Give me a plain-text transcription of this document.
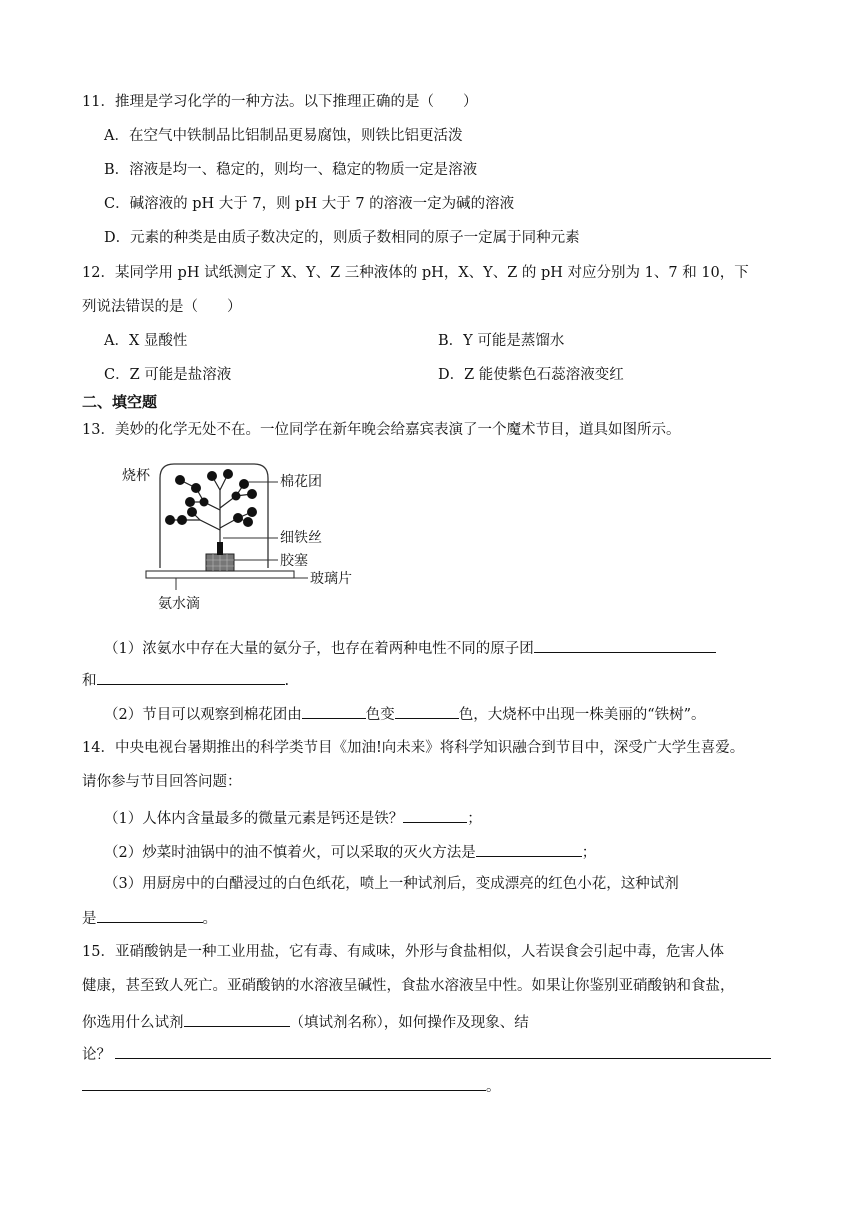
11．推理是学习化学的一种方法。以下推理正确的是（　　）
A．在空气中铁制品比铝制品更易腐蚀，则铁比铝更活泼
B．溶液是均一、稳定的，则均一、稳定的物质一定是溶液
C．碱溶液的 pH 大于 7，则 pH 大于 7 的溶液一定为碱的溶液
D．元素的种类是由质子数决定的，则质子数相同的原子一定属于同种元素
12．某同学用 pH 试纸测定了 X、Y、Z 三种液体的 pH，X、Y、Z 的 pH 对应分别为 1、7 和 10，下
列说法错误的是（　　）
A．X 显酸性	B．Y 可能是蒸馏水
C．Z 可能是盐溶液	D．Z 能使紫色石蕊溶液变红
二、填空题
13．美妙的化学无处不在。一位同学在新年晚会给嘉宾表演了一个魔术节目，道具如图所示。
烧杯	棉花团
细铁丝
胶塞
玻璃片
氨水滴
（1）浓氨水中存在大量的氨分子，也存在着两种电性不同的原子团
和	.
（2）节目可以观察到棉花团由	色变	色，大烧杯中出现一株美丽的“铁树”。
14．中央电视台暑期推出的科学类节目《加油!向未来》将科学知识融合到节目中，深受广大学生喜爱。
请你参与节目回答问题：
（1）人体内含量最多的微量元素是钙还是铁？	；
（2）炒菜时油锅中的油不慎着火，可以采取的灭火方法是	；
（3）用厨房中的白醋浸过的白色纸花，喷上一种试剂后，变成漂亮的红色小花，这种试剂
是	。
15．亚硝酸钠是一种工业用盐，它有毒、有咸味，外形与食盐相似，人若误食会引起中毒，危害人体
健康，甚至致人死亡。亚硝酸钠的水溶液呈碱性，食盐水溶液呈中性。如果让你鉴别亚硝酸钠和食盐，
你选用什么试剂	（填试剂名称），如何操作及现象、结
论？
。
